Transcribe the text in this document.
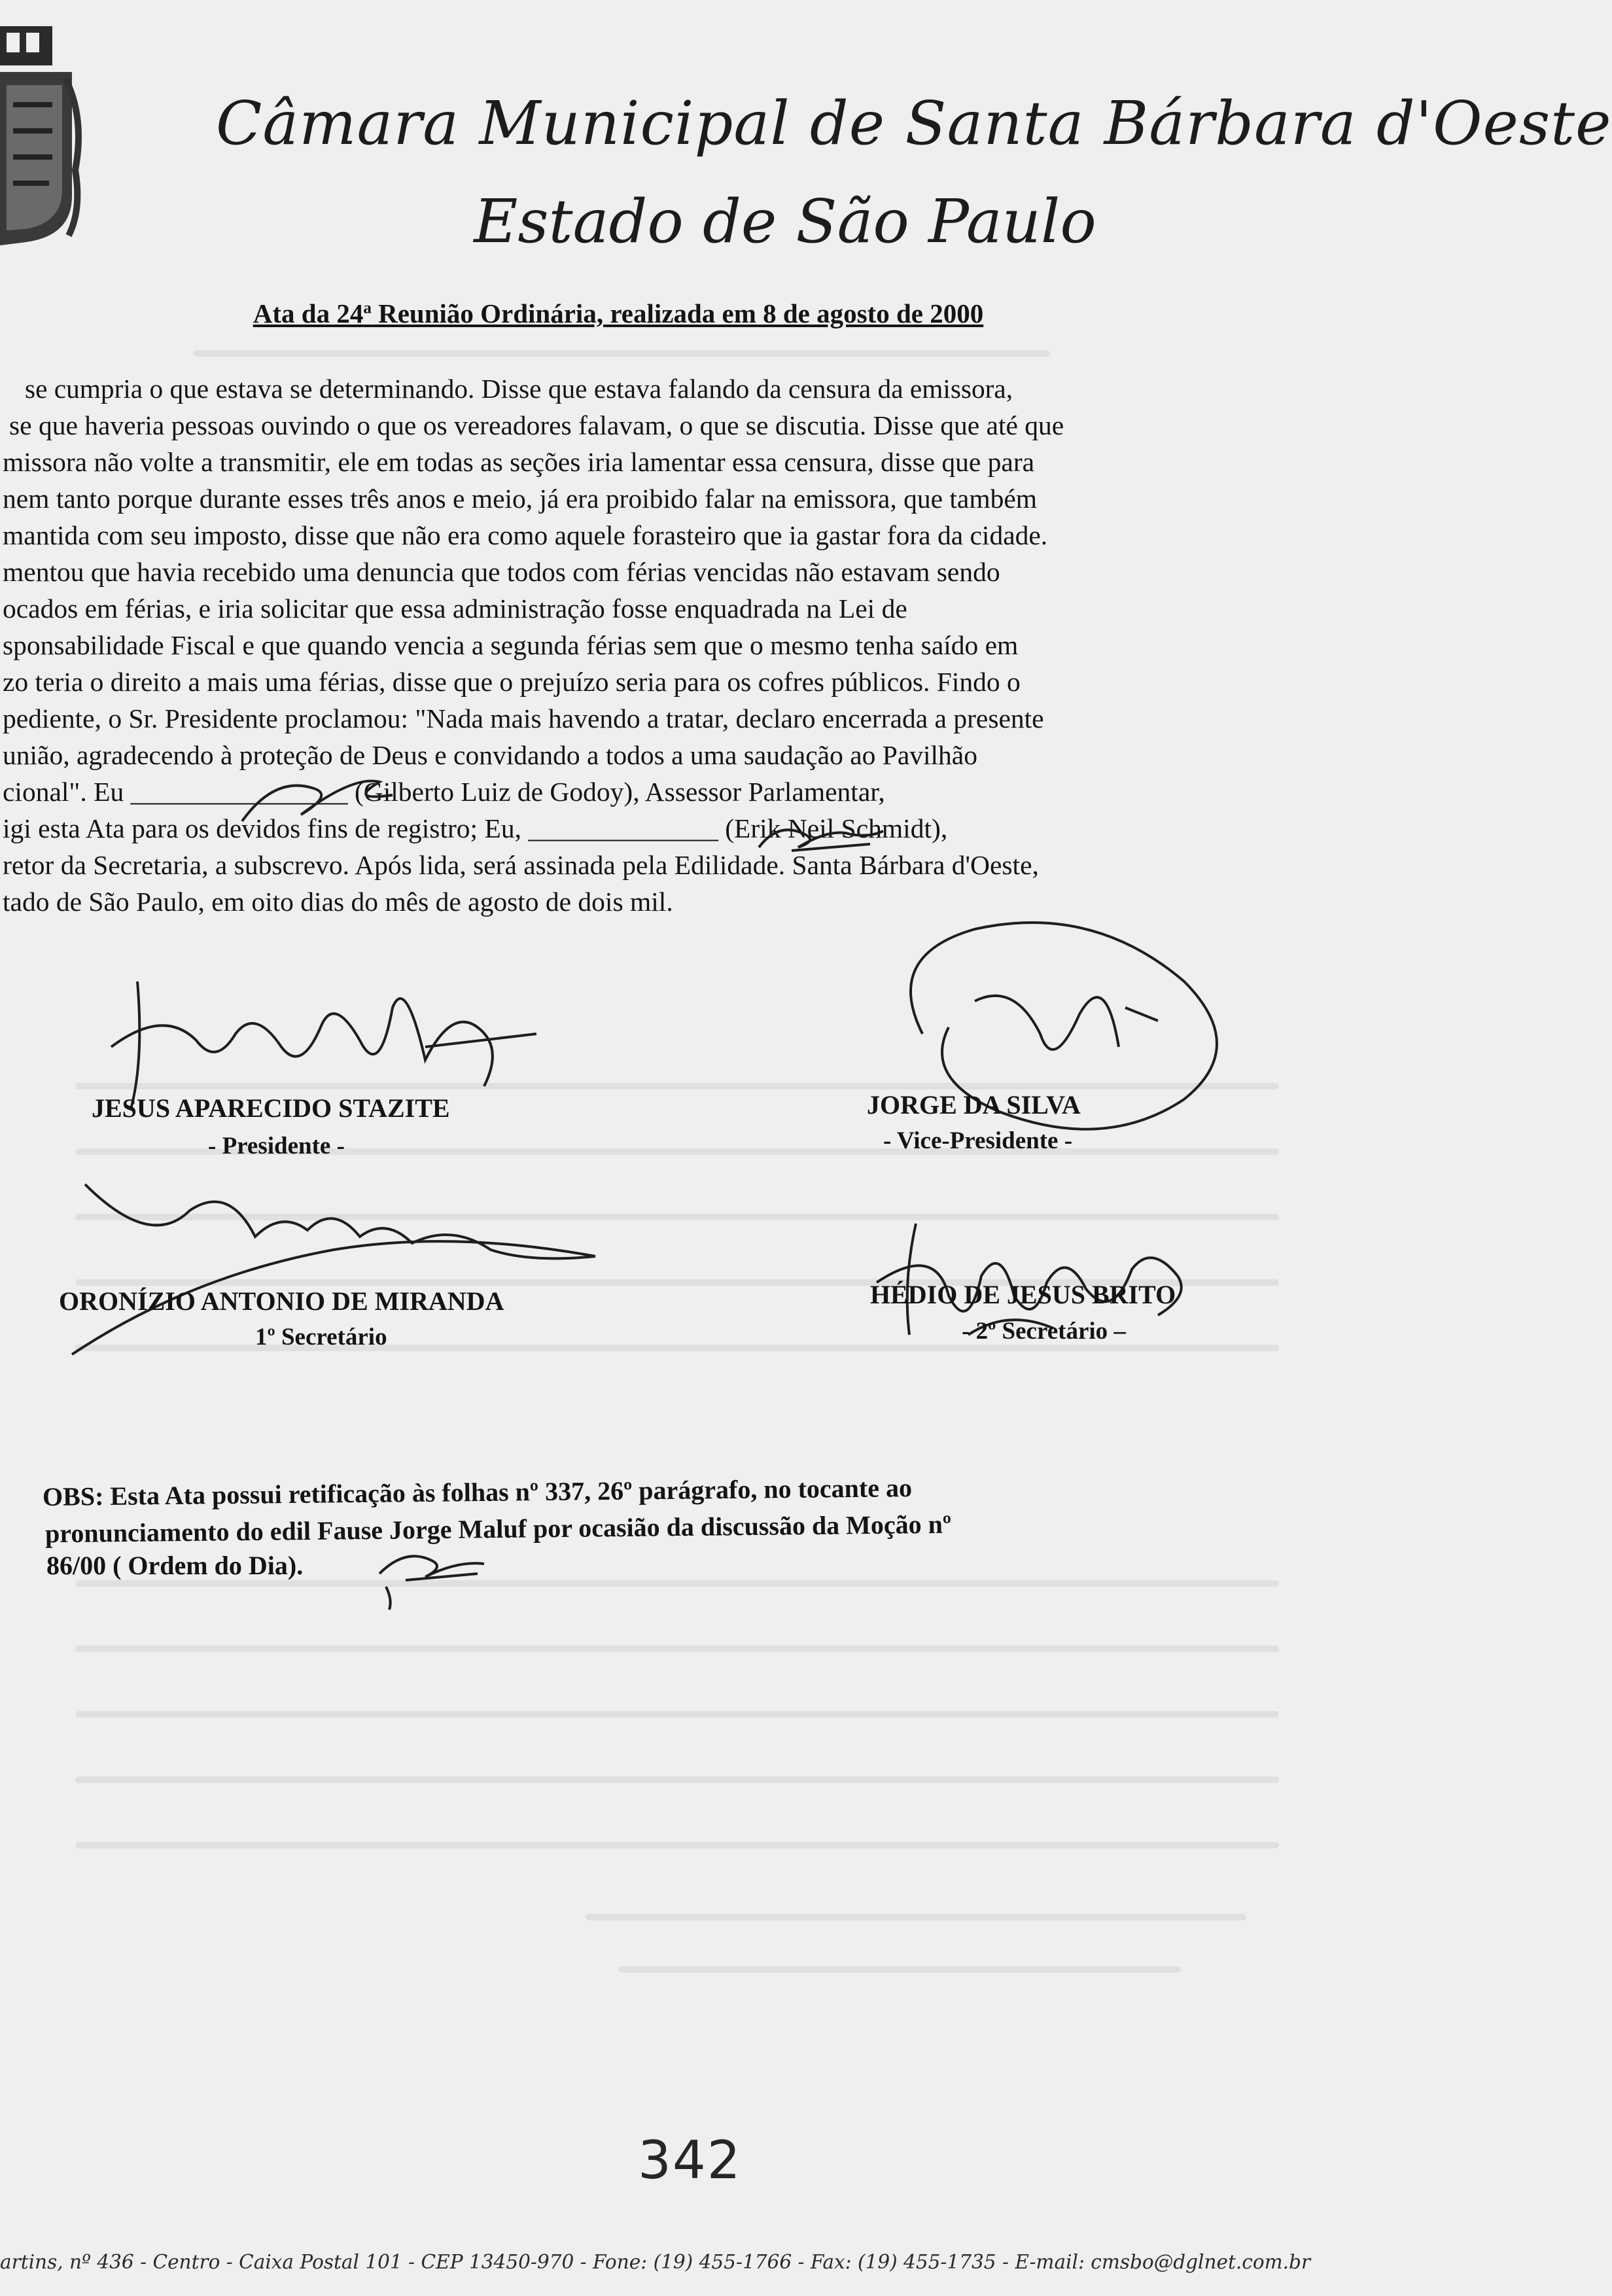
Câmara Municipal de Santa Bárbara d'Oeste
Estado de São Paulo
Ata da 24$^a$ Reunião Ordinária, realizada em 8 de agosto de 2000
se cumpria o que estava se determinando. Disse que estava falando da censura da emissora,
se que haveria pessoas ouvindo o que os vereadores falavam, o que se discutia. Disse que até que
missora não volte a transmitir, ele em todas as seções iria lamentar essa censura, disse que para
nem tanto porque durante esses três anos e meio, já era proibido falar na emissora, que também
mantida com seu imposto, disse que não era como aquele forasteiro que ia gastar fora da cidade.
mentou que havia recebido uma denuncia que todos com férias vencidas não estavam sendo
ocados em férias, e iria solicitar que essa administração fosse enquadrada na Lei de
sponsabilidade Fiscal e que quando vencia a segunda férias sem que o mesmo tenha saído em
zo teria o direito a mais uma férias, disse que o prejuízo seria para os cofres públicos. Findo o
pediente, o Sr. Presidente proclamou: "Nada mais havendo a tratar, declaro encerrada a presente
união, agradecendo à proteção de Deus e convidando a todos a uma saudação ao Pavilhão
cional". Eu ________________ (Gilberto Luiz de Godoy), Assessor Parlamentar,
igi esta Ata para os devidos fins de registro; Eu, ______________ (Erik Neil Schmidt),
retor da Secretaria, a subscrevo. Após lida, será assinada pela Edilidade. Santa Bárbara d'Oeste,
tado de São Paulo, em oito dias do mês de agosto de dois mil.
JESUS APARECIDO STAZITE
- Presidente -
JORGE DA SILVA
- Vice-Presidente -
ORONÍZIO ANTONIO DE MIRANDA
1º Secretário
HÉDIO DE JESUS BRITO
- 2º Secretário –
OBS: Esta Ata possui retificação às folhas nº 337, 26º parágrafo, no tocante ao
pronunciamento do edil Fause Jorge Maluf por ocasião da discussão da Moção nº
86/00 ( Ordem do Dia).
342
artins, nº 436 - Centro - Caixa Postal 101 - CEP 13450-970 - Fone: (19) 455-1766 - Fax: (19) 455-1735 - E-mail: cmsbo@dglnet.com.br
